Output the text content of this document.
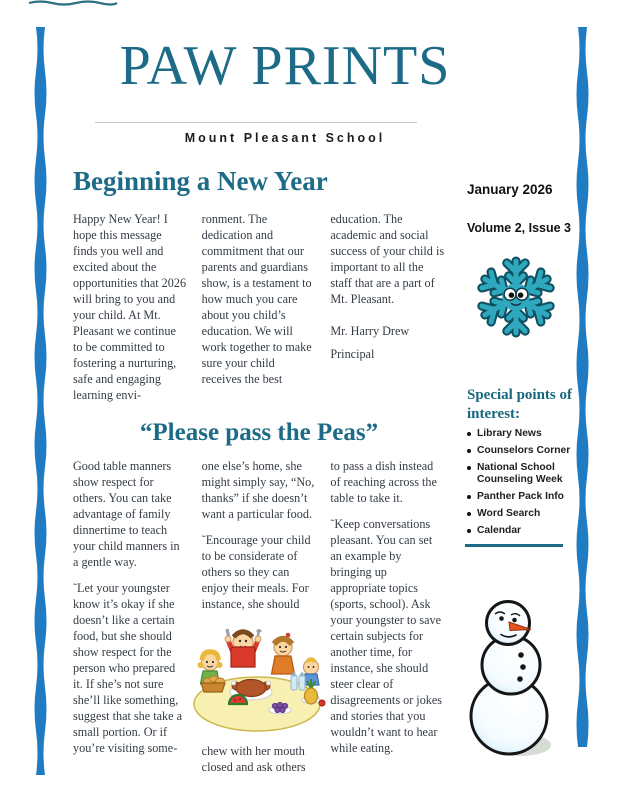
PAW PRINTS
Mount Pleasant School
Beginning a New Year

Happy New Year! I hope this message finds you well and excited about the opportunities that 2026 will bring to you and your child. At Mt. Pleasant we continue to be committed to fostering a nurturing, safe and engaging learning envi-

ronment. The dedication and commitment that our parents and guardians show, is a testament to how much you care about you child’s education. We will work together to make sure your child receives the best

education. The academic and social success of your child is important to all the staff that are a part of Mt. Pleasant.

Mr. Harry Drew

Principal

“Please pass the Peas”

Good table manners show respect for others. You can take advantage of family dinnertime to teach your child manners in a gentle way.

˜Let your youngster know it’s okay if she doesn’t like a certain food, but she should show respect for the person who prepared it. If she’s not sure she’ll like something, suggest that she take a small portion. Or if you’re visiting some-

one else’s home, she might simply say, “No, thanks” if she doesn’t want a particular food.

˜Encourage your child to be considerate of others so they can enjoy their meals. For instance, she should

chew with her mouth closed and ask others

to pass a dish instead of reaching across the table to take it.

˜Keep conversations pleasant. You can set an example by bringing up appropriate topics (sports, school). Ask your youngster to save certain subjects for another time, for instance, she should steer clear of disagreements or jokes and stories that you wouldn’t want to hear while eating.

January 2026
Volume 2, Issue 3
Special points of interest:
Library News
Counselors Corner
National School Counseling Week
Panther Pack Info
Word Search
Calendar
